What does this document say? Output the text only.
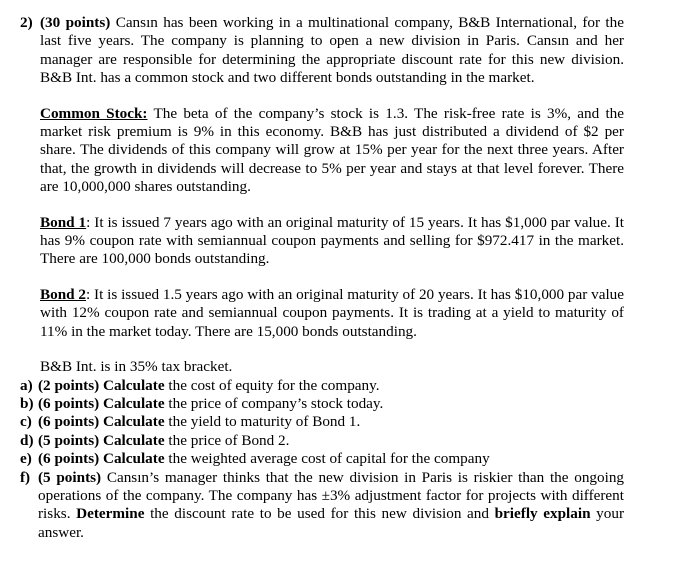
2) (30 points) Cansın has been working in a multinational company, B&B International, for the last five years. The company is planning to open a new division in Paris. Cansın and her manager are responsible for determining the appropriate discount rate for this new division. B&B Int. has a common stock and two different bonds outstanding in the market.

Common Stock: The beta of the company’s stock is 1.3. The risk-free rate is 3%, and the market risk premium is 9% in this economy. B&B has just distributed a dividend of $2 per share. The dividends of this company will grow at 15% per year for the next three years. After that, the growth in dividends will decrease to 5% per year and stays at that level forever. There are 10,000,000 shares outstanding.

Bond 1: It is issued 7 years ago with an original maturity of 15 years. It has $1,000 par value. It has 9% coupon rate with semiannual coupon payments and selling for $972.417 in the market. There are 100,000 bonds outstanding.

Bond 2: It is issued 1.5 years ago with an original maturity of 20 years. It has $10,000 par value with 12% coupon rate and semiannual coupon payments. It is trading at a yield to maturity of 11% in the market today. There are 15,000 bonds outstanding.

B&B Int. is in 35% tax bracket.

a) (2 points) Calculate the cost of equity for the company.
b) (6 points) Calculate the price of company’s stock today.
c) (6 points) Calculate the yield to maturity of Bond 1.
d) (5 points) Calculate the price of Bond 2.
e) (6 points) Calculate the weighted average cost of capital for the company
f) (5 points) Cansın’s manager thinks that the new division in Paris is riskier than the ongoing operations of the company. The company has ±3% adjustment factor for projects with different risks. Determine the discount rate to be used for this new division and briefly explain your answer.
